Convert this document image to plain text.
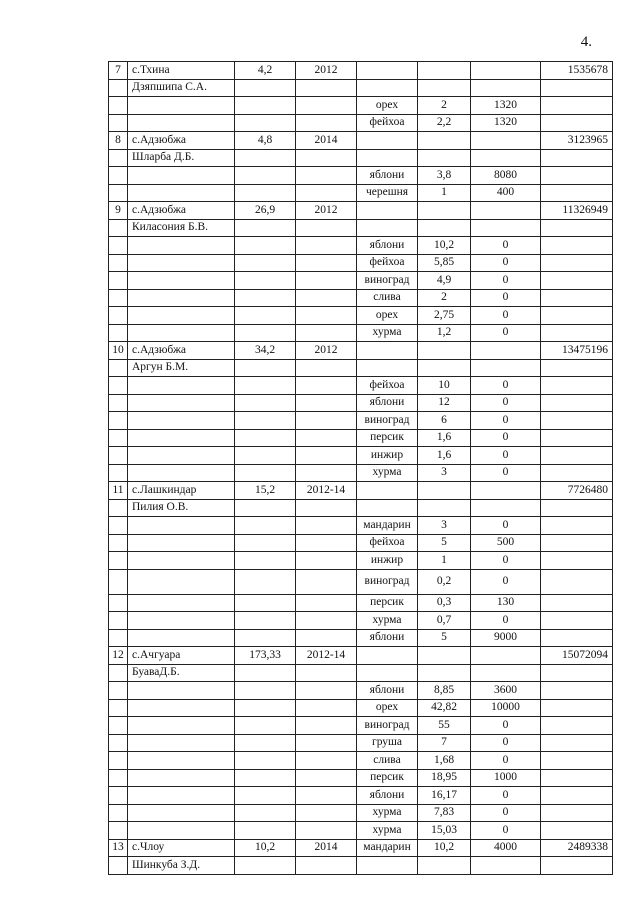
4.
7	с.Тхина	4,2	2012				1535678
	Дзяпшипа С.А.						
				орех	2	1320	
				фейхоа	2,2	1320	
8	с.Адзюбжа	4,8	2014				3123965
	Шларба Д.Б.						
				яблони	3,8	8080	
				черешня	1	400	
9	с.Адзюбжа	26,9	2012				11326949
	Киласония Б.В.						
				яблони	10,2	0	
				фейхоа	5,85	0	
				виноград	4,9	0	
				слива	2	0	
				орех	2,75	0	
				хурма	1,2	0	
10	с.Адзюбжа	34,2	2012				13475196
	Аргун Б.М.						
				фейхоа	10	0	
				яблони	12	0	
				виноград	6	0	
				персик	1,6	0	
				инжир	1,6	0	
				хурма	3	0	
11	с.Лашкиндар	15,2	2012-14				7726480
	Пилия О.В.						
				мандарин	3	0	
				фейхоа	5	500	
				инжир	1	0	
				виноград	0,2	0	
				персик	0,3	130	
				хурма	0,7	0	
				яблони	5	9000	
12	с.Ачгуара	173,33	2012-14				15072094
	БуаваД.Б.						
				яблони	8,85	3600	
				орех	42,82	10000	
				виноград	55	0	
				груша	7	0	
				слива	1,68	0	
				персик	18,95	1000	
				яблони	16,17	0	
				хурма	7,83	0	
				хурма	15,03	0	
13	с.Члоу	10,2	2014	мандарин	10,2	4000	2489338
	Шинкуба З.Д.						
